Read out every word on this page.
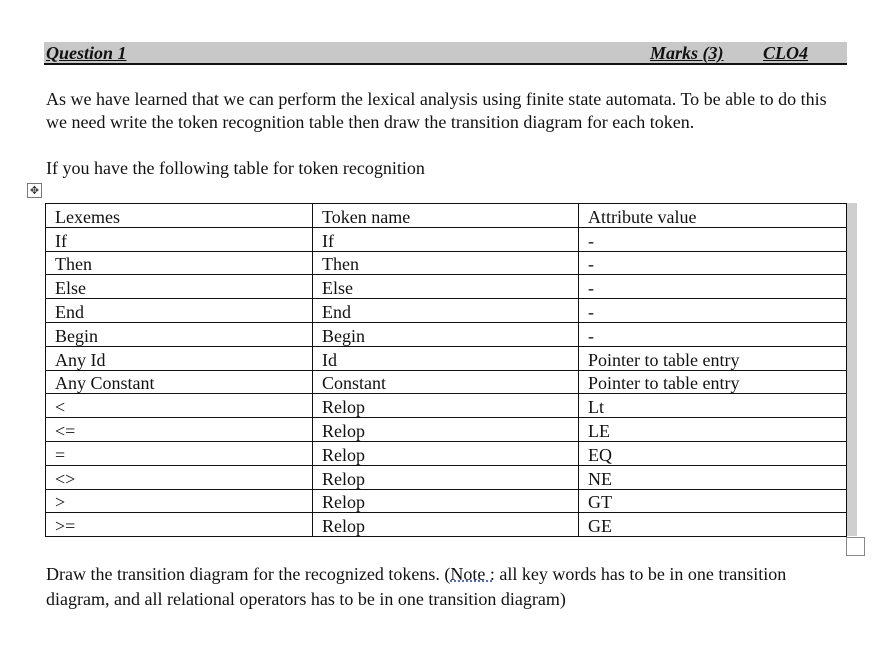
Question 1	Marks (3) CLO4

As we have learned that we can perform the lexical analysis using finite state automata. To be able to do this we need write the token recognition table then draw the transition diagram for each token.

If you have the following table for token recognition

✥
Lexemes	Token name	Attribute value
If	If	-
Then	Then	-
Else	Else	-
End	End	-
Begin	Begin	-
Any Id	Id	Pointer to table entry
Any Constant	Constant	Pointer to table entry
<	Relop	Lt
<=	Relop	LE
=	Relop	EQ
<>	Relop	NE
>	Relop	GT
>=	Relop	GE

Draw the transition diagram for the recognized tokens. (Note : all key words has to be in one transition diagram, and all relational operators has to be in one transition diagram)
